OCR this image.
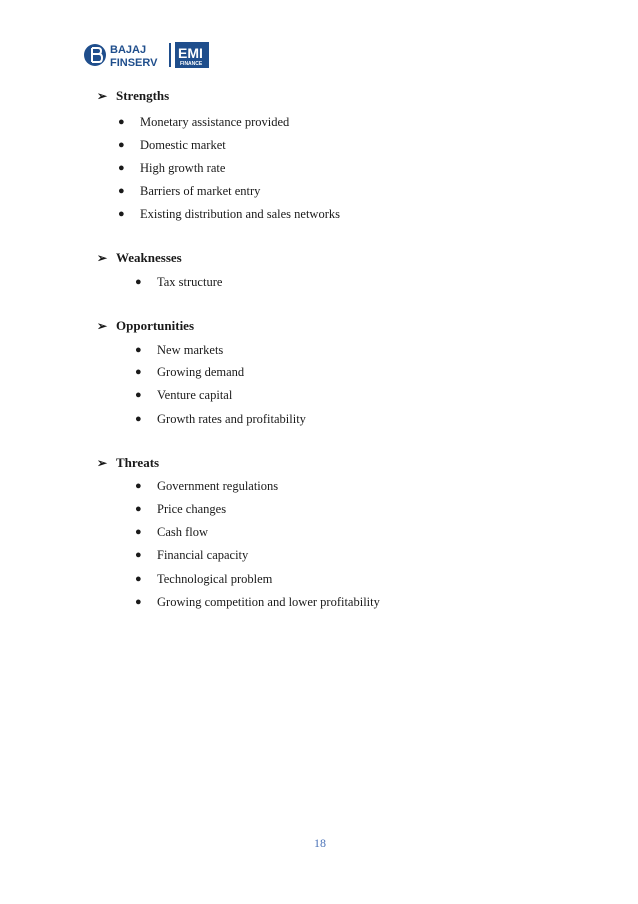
BAJAJ
FINSERV
EMI
FINANCE
➢ Strengths
●	Monetary assistance provided
●	Domestic market
●	High growth rate
●	Barriers of market entry
●	Existing distribution and sales networks
➢ Weaknesses
●	Tax structure
➢ Opportunities
●	New markets
●	Growing demand
●	Venture capital
●	Growth rates and profitability
➢ Threats
●	Government regulations
●	Price changes
●	Cash flow
●	Financial capacity
●	Technological problem
●	Growing competition and lower profitability
18
